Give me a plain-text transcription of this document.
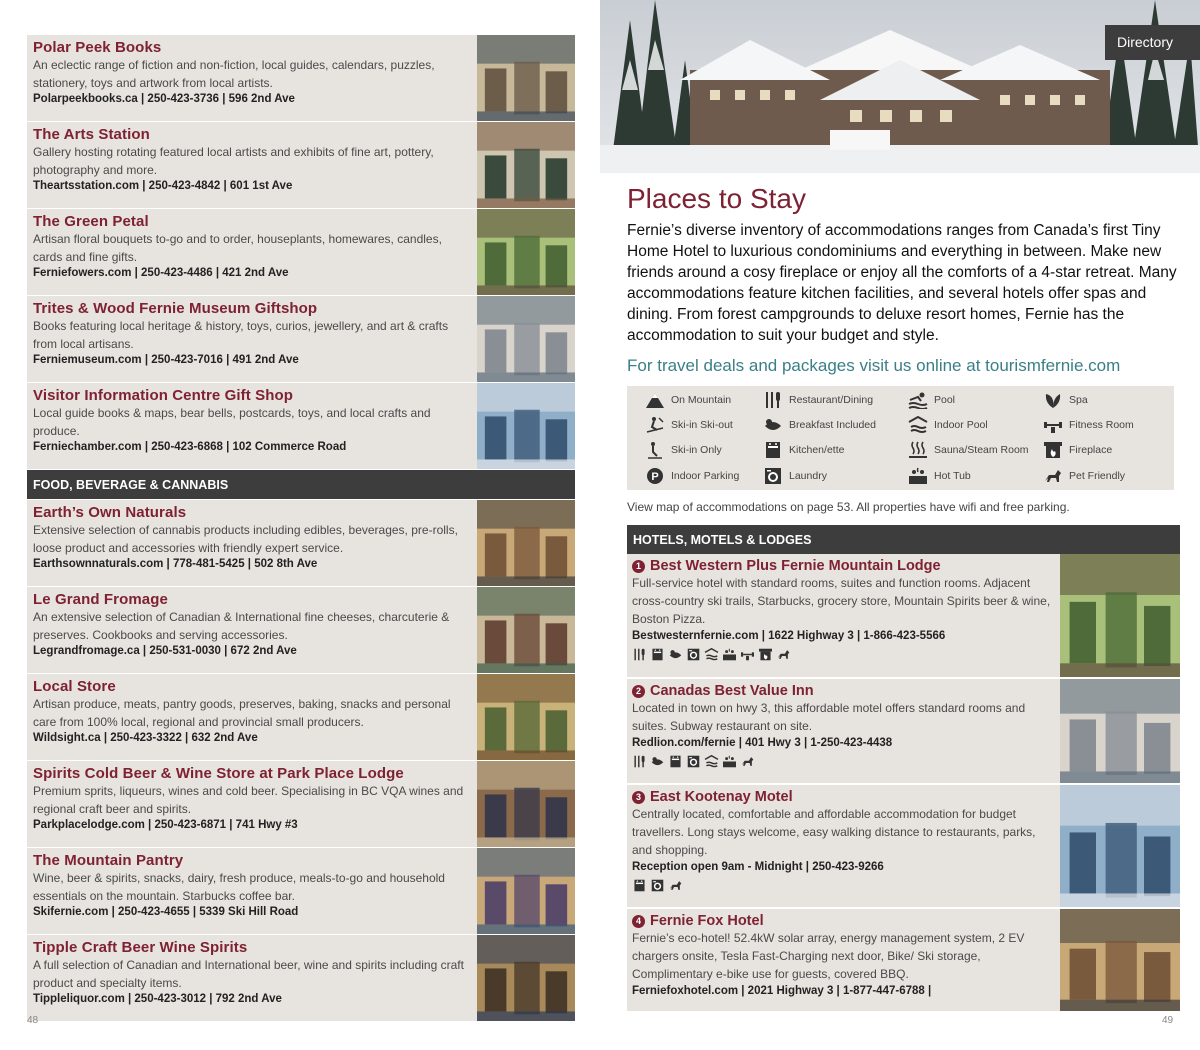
Polar Peek Books
An eclectic range of fiction and non-fiction, local guides, calendars, puzzles, stationery, toys and artwork from local artists.
Polarpeekbooks.ca | 250-423-3736 | 596 2nd Ave
The Arts Station
Gallery hosting rotating featured local artists and exhibits of fine art, pottery, photography and more.
Theartsstation.com | 250-423-4842 | 601 1st Ave
The Green Petal
Artisan floral bouquets to-go and to order, houseplants, homewares, candles, cards and fine gifts.
Ferniefowers.com | 250-423-4486 | 421 2nd Ave
Trites & Wood Fernie Museum Giftshop
Books featuring local heritage & history, toys, curios, jewellery, and art & crafts from local artisans.
Ferniemuseum.com | 250-423-7016 | 491 2nd Ave
Visitor Information Centre Gift Shop
Local guide books & maps, bear bells, postcards, toys, and local crafts and produce.
Ferniechamber.com | 250-423-6868 | 102 Commerce Road
FOOD, BEVERAGE & CANNABIS
Earth’s Own Naturals
Extensive selection of cannabis products including edibles, beverages, pre-rolls, loose product and accessories with friendly expert service.
Earthsownnaturals.com | 778-481-5425 | 502 8th Ave
Le Grand Fromage
An extensive selection of Canadian & International fine cheeses, charcuterie & preserves. Cookbooks and serving accessories.
Legrandfromage.ca | 250-531-0030 | 672 2nd Ave
Local Store
Artisan produce, meats, pantry goods, preserves, baking, snacks and personal care from 100% local, regional and provincial small producers.
Wildsight.ca | 250-423-3322 | 632 2nd Ave
Spirits Cold Beer & Wine Store at Park Place Lodge
Premium sprits, liqueurs, wines and cold beer. Specialising in BC VQA wines and regional craft beer and spirits.
Parkplacelodge.com | 250-423-6871 | 741 Hwy #3
The Mountain Pantry
Wine, beer & spirits, snacks, dairy, fresh produce, meals-to-go and household essentials on the mountain. Starbucks coffee bar.
Skifernie.com | 250-423-4655 | 5339 Ski Hill Road
Tipple Craft Beer Wine Spirits
A full selection of Canadian and International beer, wine and spirits including craft product and specialty items.
Tippleliquor.com | 250-423-3012 | 792 2nd Ave
48
Directory
Places to Stay
Fernie’s diverse inventory of accommodations ranges from Canada’s first Tiny Home Hotel to luxurious condominiums and everything in between. Make new friends around a cosy fireplace or enjoy all the comforts of a 4-star retreat. Many accommodations feature kitchen facilities, and several hotels offer spas and dining. From forest campgrounds to deluxe resort homes, Fernie has the accommodation to suit your budget and style.
For travel deals and packages visit us online at tourismfernie.com
On Mountain	Restaurant/Dining	Pool	Spa
Ski-in Ski-out	Breakfast Included	Indoor Pool	Fitness Room
Ski-in Only	Kitchen/ette	Sauna/Steam Room	Fireplace
P Indoor Parking	Laundry	Hot Tub	Pet Friendly
View map of accommodations on page 53. All properties have wifi and free parking.
HOTELS, MOTELS & LODGES
1 Best Western Plus Fernie Mountain Lodge
Full-service hotel with standard rooms, suites and function rooms. Adjacent cross-country ski trails, Starbucks, grocery store, Mountain Spirits beer & wine, Boston Pizza.
Bestwesternfernie.com | 1622 Highway 3 | 1-866-423-5566
2 Canadas Best Value Inn
Located in town on hwy 3, this affordable motel offers standard rooms and suites. Subway restaurant on site.
Redlion.com/fernie | 401 Hwy 3 | 1-250-423-4438
3 East Kootenay Motel
Centrally located, comfortable and affordable accommodation for budget travellers. Long stays welcome, easy walking distance to restaurants, parks, and shopping.
Reception open 9am - Midnight | 250-423-9266
4 Fernie Fox Hotel
Fernie’s eco-hotel! 52.4kW solar array, energy management system, 2 EV chargers onsite, Tesla Fast-Charging next door, Bike/ Ski storage, Complimentary e-bike use for guests, covered BBQ.
Ferniefoxhotel.com | 2021 Highway 3 | 1-877-447-6788 |
49
